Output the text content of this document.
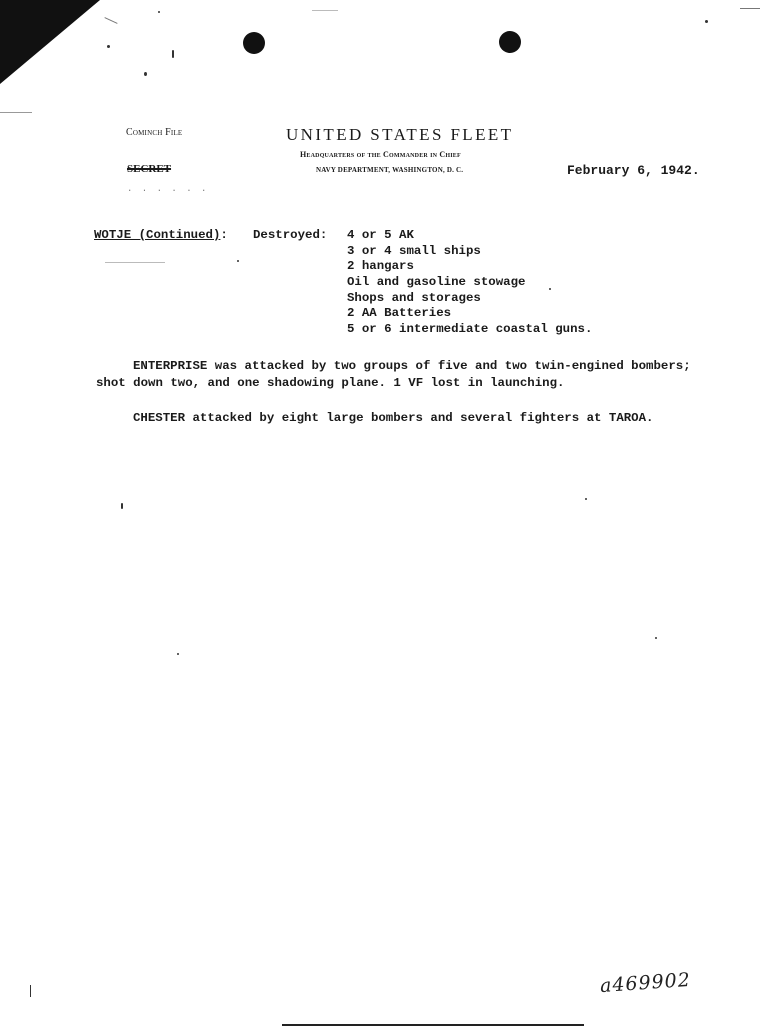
Cominch File
SECRET
· · · · · ·
UNITED STATES FLEET
Headquarters of the Commander in Chief
NAVY DEPARTMENT, WASHINGTON, D. C.	February 6, 1942.
WOTJE (Continued): Destroyed: 4 or 5 AK
3 or 4 small ships
2 hangars
Oil and gasoline stowage
Shops and storages
2 AA Batteries
5 or 6 intermediate coastal guns.
ENTERPRISE was attacked by two groups of five and two twin-engined bombers;
shot down two, and one shadowing plane. 1 VF lost in launching.
CHESTER attacked by eight large bombers and several fighters at TAROA.
a469902
